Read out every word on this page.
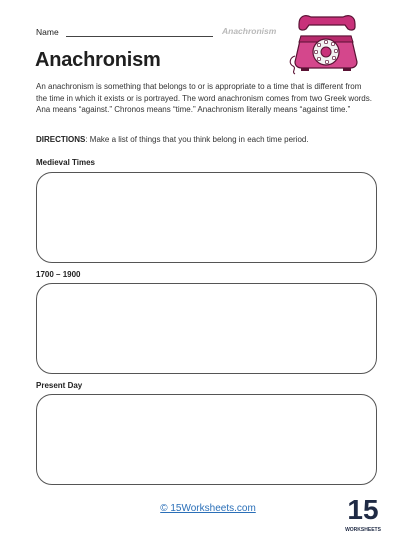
Name	Anachronism
Anachronism

An anachronism is something that belongs to or is appropriate to a time that is different from the time in which it exists or is portrayed. The word anachronism comes from two Greek words. Ana means “against.” Chronos means “time.” Anachronism literally means “against time.”

DIRECTIONS: Make a list of things that you think belong in each time period.

Medieval Times
1700 – 1900
Present Day
© 15Worksheets.com	15
WORKSHEETS
